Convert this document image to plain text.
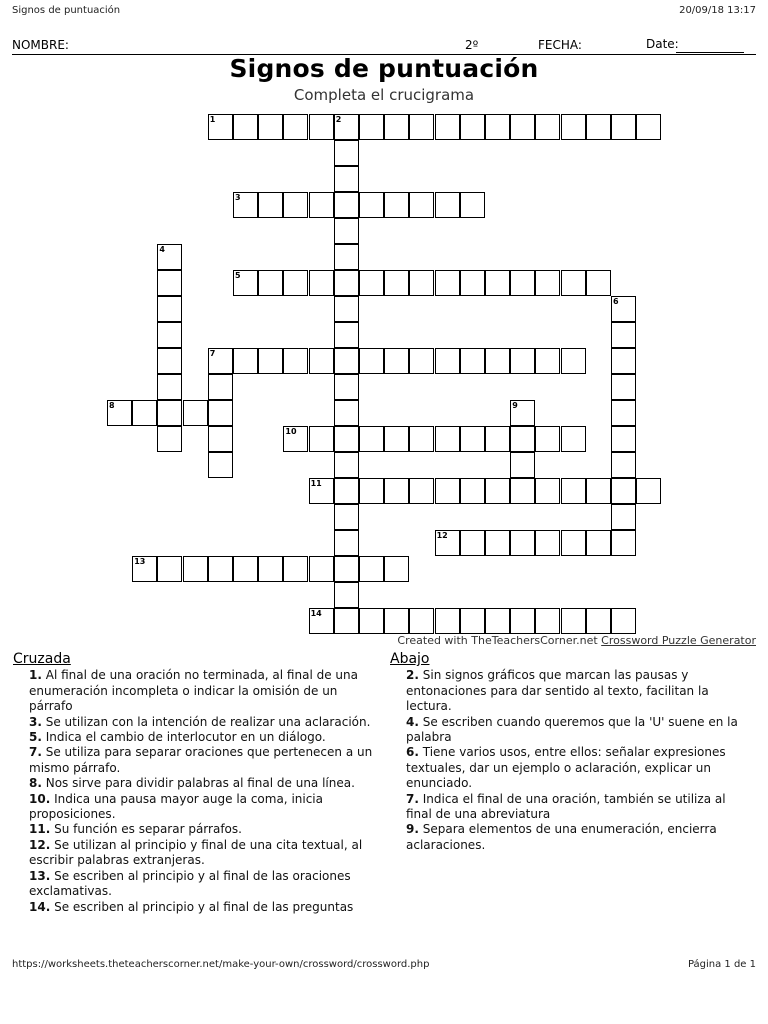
Signos de puntuación	20/09/18 13:17
NOMBRE:	2º	FECHA:	Date:
Signos de puntuación
Completa el crucigrama
1	2
3
5
7
8
10
11
12
13
14
4
6
9
Created with TheTeachersCorner.net Crossword Puzzle Generator
Cruzada
1. Al final de una oración no terminada, al final de una enumeración incompleta o indicar la omisión de un párrafo
3. Se utilizan con la intención de realizar una aclaración.
5. Indica el cambio de interlocutor en un diálogo.
7. Se utiliza para separar oraciones que pertenecen a un mismo párrafo.
8. Nos sirve para dividir palabras al final de una línea.
10. Indica una pausa mayor auge la coma, inicia proposiciones.
11. Su función es separar párrafos.
12. Se utilizan al principio y final de una cita textual, al escribir palabras extranjeras.
13. Se escriben al principio y al final de las oraciones exclamativas.
14. Se escriben al principio y al final de las preguntas
Abajo
2. Sin signos gráficos que marcan las pausas y entonaciones para dar sentido al texto, facilitan la lectura.
4. Se escriben cuando queremos que la 'U' suene en la palabra
6. Tiene varios usos, entre ellos: señalar expresiones textuales, dar un ejemplo o aclaración, explicar un enunciado.
7. Indica el final de una oración, también se utiliza al final de una abreviatura
9. Separa elementos de una enumeración, encierra aclaraciones.
https://worksheets.theteacherscorner.net/make-your-own/crossword/crossword.php	Página 1 de 1
